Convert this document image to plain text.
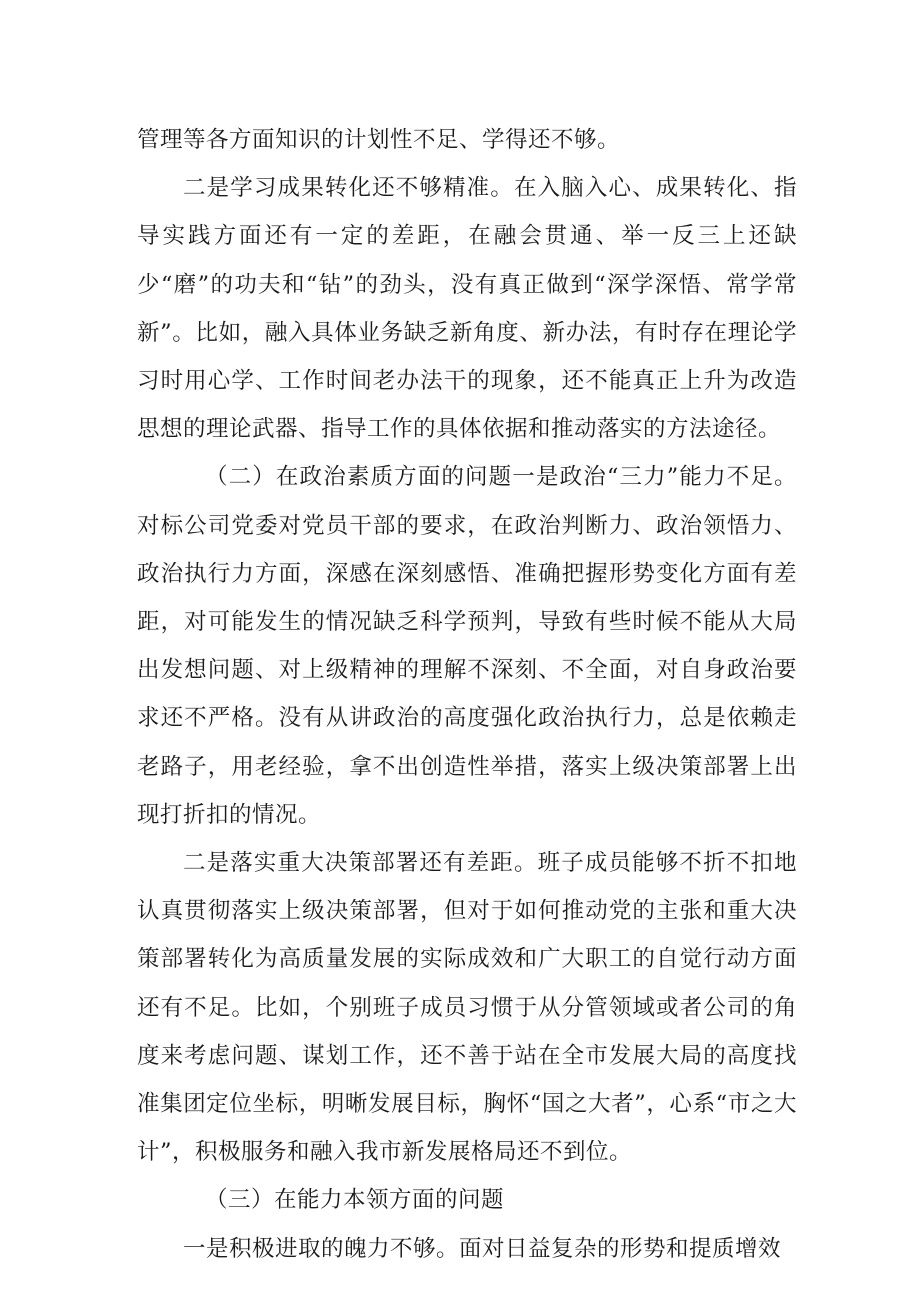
管理等各方面知识的计划性不足、学得还不够。

二是学习成果转化还不够精准。在入脑入心、成果转化、指导实践方面还有一定的差距，在融会贯通、举一反三上还缺少“磨”的功夫和“钻”的劲头，没有真正做到“深学深悟、常学常新”。比如，融入具体业务缺乏新角度、新办法，有时存在理论学习时用心学、工作时间老办法干的现象，还不能真正上升为改造思想的理论武器、指导工作的具体依据和推动落实的方法途径。

（二）在政治素质方面的问题一是政治“三力”能力不足。对标公司党委对党员干部的要求，在政治判断力、政治领悟力、政治执行力方面，深感在深刻感悟、准确把握形势变化方面有差距，对可能发生的情况缺乏科学预判，导致有些时候不能从大局出发想问题、对上级精神的理解不深刻、不全面，对自身政治要求还不严格。没有从讲政治的高度强化政治执行力，总是依赖走老路子，用老经验，拿不出创造性举措，落实上级决策部署上出现打折扣的情况。

二是落实重大决策部署还有差距。班子成员能够不折不扣地认真贯彻落实上级决策部署，但对于如何推动党的主张和重大决策部署转化为高质量发展的实际成效和广大职工的自觉行动方面还有不足。比如，个别班子成员习惯于从分管领域或者公司的角度来考虑问题、谋划工作，还不善于站在全市发展大局的高度找准集团定位坐标，明晰发展目标，胸怀“国之大者”，心系“市之大计”，积极服务和融入我市新发展格局还不到位。

（三）在能力本领方面的问题

一是积极进取的魄力不够。面对日益复杂的形势和提质增效
